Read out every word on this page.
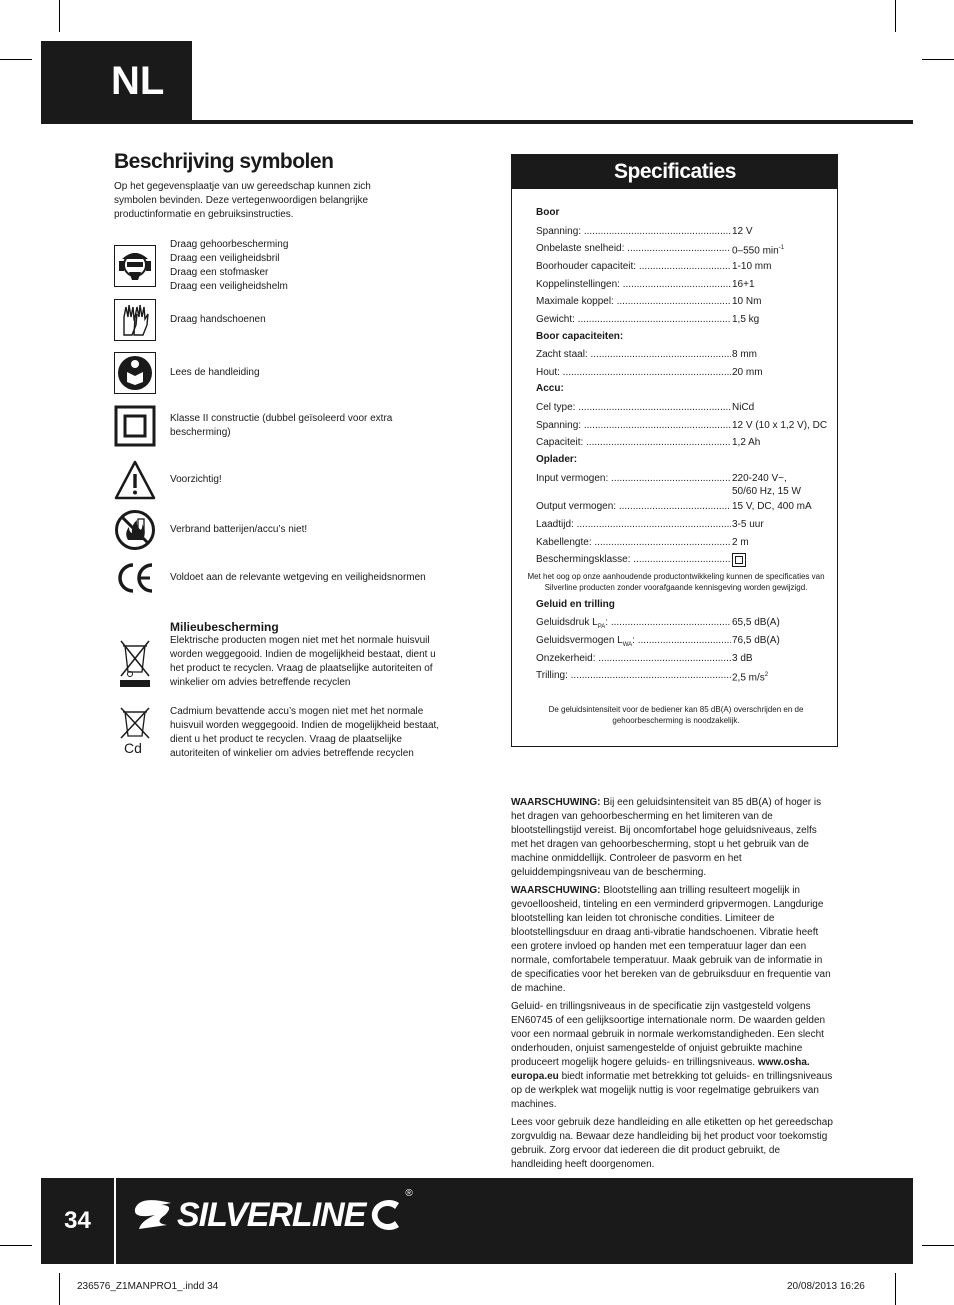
NL
Beschrijving symbolen
Op het gegevensplaatje van uw gereedschap kunnen zich symbolen bevinden. Deze vertegenwoordigen belangrijke productinformatie en gebruiksinstructies.
Draag gehoorbescherming
Draag een veiligheidsbril
Draag een stofmasker
Draag een veiligheidshelm
Draag handschoenen
Lees de handleiding
Klasse II constructie (dubbel geïsoleerd voor extra bescherming)
Voorzichtig!
Verbrand batterijen/accu’s niet!
Voldoet aan de relevante wetgeving en veiligheidsnormen
Milieubescherming
Elektrische producten mogen niet met het normale huisvuil worden weggegooid. Indien de mogelijkheid bestaat, dient u het product te recyclen. Vraag de plaatselijke autoriteiten of winkelier om advies betreffende recyclen
Cd
Cadmium bevattende accu’s mogen niet met het normale huisvuil worden weggegooid. Indien de mogelijkheid bestaat, dient u het product te recyclen. Vraag de plaatselijke autoriteiten of winkelier om advies betreffende recyclen
Specificaties
Boor
Spanning: .....	12 V
Onbelaste snelheid: .....	0–550 $\min^{-1}$
Boorhouder capaciteit: .....	1-10 mm
Koppelinstellingen: .....	16+1
Maximale koppel: .....	10 Nm
Gewicht: .....	1,5 kg
Boor capaciteiten:
Zacht staal: .....	8 mm
Hout: .....	20 mm
Accu:
Cel type: .....	NiCd
Spanning: .....	12 V (10 x 1,2 V), DC
Capaciteit: .....	1,2 Ah
Oplader:
Input vermogen: .....	220-240 V~,
50/60 Hz, 15 W
Output vermogen: .....	15 V, DC, 400 mA
Laadtijd: .....	3-5 uur
Kabellengte: .....	2 m
Beschermingsklasse: .....
Met het oog op onze aanhoudende productontwikkeling kunnen de specificaties van Silverline producten zonder voorafgaande kennisgeving worden gewijzigd.
Geluid en trilling
Geluidsdruk $L_{PA}$: .....	65,5 dB(A)
Geluidsvermogen $L_{WA}$: .....	76,5 dB(A)
Onzekerheid: .....	3 dB
Trilling: .....	2,5 $m/s^2$
De geluidsintensiteit voor de bediener kan 85 dB(A) overschrijden en de gehoorbescherming is noodzakelijk.

WAARSCHUWING: Bij een geluidsintensiteit van 85 dB(A) of hoger is het dragen van gehoorbescherming en het limiteren van de blootstellingstijd vereist. Bij oncomfortabel hoge geluidsniveaus, zelfs met het dragen van gehoorbescherming, stopt u het gebruik van de machine onmiddellijk. Controleer de pasvorm en het geluiddempingsniveau van de bescherming.

WAARSCHUWING: Blootstelling aan trilling resulteert mogelijk in gevoelloosheid, tinteling en een verminderd gripvermogen. Langdurige blootstelling kan leiden tot chronische condities. Limiteer de blootstellingsduur en draag anti-vibratie handschoenen. Vibratie heeft een grotere invloed op handen met een temperatuur lager dan een normale, comfortabele temperatuur. Maak gebruik van de informatie in de specificaties voor het bereken van de gebruiksduur en frequentie van de machine.

Geluid- en trillingsniveaus in de specificatie zijn vastgesteld volgens EN60745 of een gelijksoortige internationale norm. De waarden gelden voor een normaal gebruik in normale werkomstandigheden. Een slecht onderhouden, onjuist samengestelde of onjuist gebruikte machine produceert mogelijk hogere geluids- en trillingsniveaus. www.osha. europa.eu biedt informatie met betrekking tot geluids- en trillingsniveaus op de werkplek wat mogelijk nuttig is voor regelmatige gebruikers van machines.

Lees voor gebruik deze handleiding en alle etiketten op het gereedschap zorgvuldig na. Bewaar deze handleiding bij het product voor toekomstig gebruik. Zorg ervoor dat iedereen die dit product gebruikt, de handleiding heeft doorgenomen.

34	SILVERLINE
®
236576_Z1MANPRO1_.indd 34	20/08/2013 16:26
